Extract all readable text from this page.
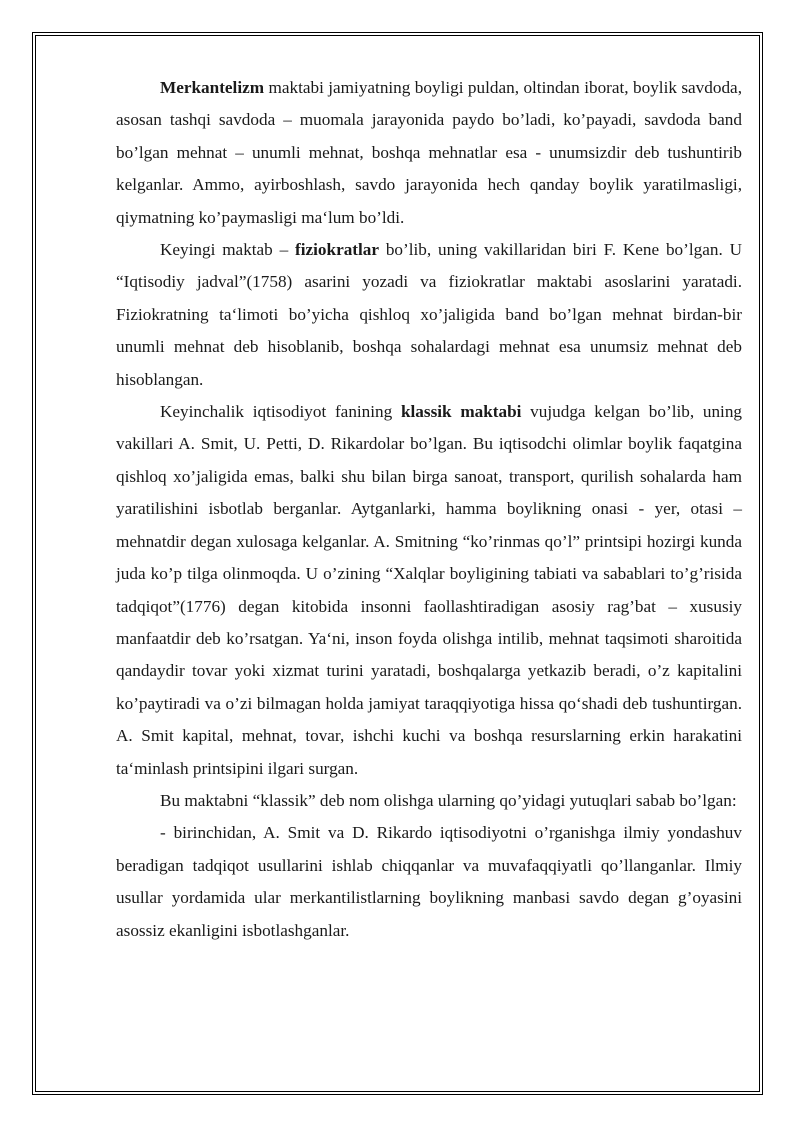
Merkantelizm maktabi jamiyatning boyligi puldan, oltindan iborat, boylik savdoda, asosan tashqi savdoda – muomala jarayonida paydo bo’ladi, ko’payadi, savdoda band bo’lgan mehnat – unumli mehnat, boshqa mehnatlar esa - unumsizdir deb tushuntirib kelganlar. Ammo, ayirboshlash, savdo jarayonida hech qanday boylik yaratilmasligi, qiymatning ko’paymasligi ma‘lum bo’ldi.

Keyingi maktab – fiziokratlar bo’lib, uning vakillaridan biri F. Kene bo’lgan. U “Iqtisodiy jadval”(1758) asarini yozadi va fiziokratlar maktabi asoslarini yaratadi. Fiziokratning ta‘limoti bo’yicha qishloq xo’jaligida band bo’lgan mehnat birdan-bir unumli mehnat deb hisoblanib, boshqa sohalardagi mehnat esa unumsiz mehnat deb hisoblangan.

Keyinchalik iqtisodiyot fanining klassik maktabi vujudga kelgan bo’lib, uning vakillari A. Smit, U. Petti, D. Rikardolar bo’lgan. Bu iqtisodchi olimlar boylik faqatgina qishloq xo’jaligida emas, balki shu bilan birga sanoat, transport, qurilish sohalarda ham yaratilishini isbotlab berganlar. Aytganlarki, hamma boylikning onasi - yer, otasi – mehnatdir degan xulosaga kelganlar. A. Smitning “ko’rinmas qo’l” printsipi hozirgi kunda juda ko’p tilga olinmoqda. U o’zining “Xalqlar boyligining tabiati va sabablari to’g’risida tadqiqot”(1776) degan kitobida insonni faollashtiradigan asosiy rag’bat – xususiy manfaatdir deb ko’rsatgan. Ya‘ni, inson foyda olishga intilib, mehnat taqsimoti sharoitida qandaydir tovar yoki xizmat turini yaratadi, boshqalarga yetkazib beradi, o’z kapitalini ko’paytiradi va o’zi bilmagan holda jamiyat taraqqiyotiga hissa qo‘shadi deb tushuntirgan. A. Smit kapital, mehnat, tovar, ishchi kuchi va boshqa resurslarning erkin harakatini ta‘minlash printsipini ilgari surgan.

Bu maktabni “klassik” deb nom olishga ularning qo’yidagi yutuqlari sabab bo’lgan:

- birinchidan, A. Smit va D. Rikardo iqtisodiyotni o’rganishga ilmiy yondashuv beradigan tadqiqot usullarini ishlab chiqqanlar va muvafaqqiyatli qo’llanganlar. Ilmiy usullar yordamida ular merkantilistlarning boylikning manbasi savdo degan g’oyasini asossiz ekanligini isbotlashganlar.
